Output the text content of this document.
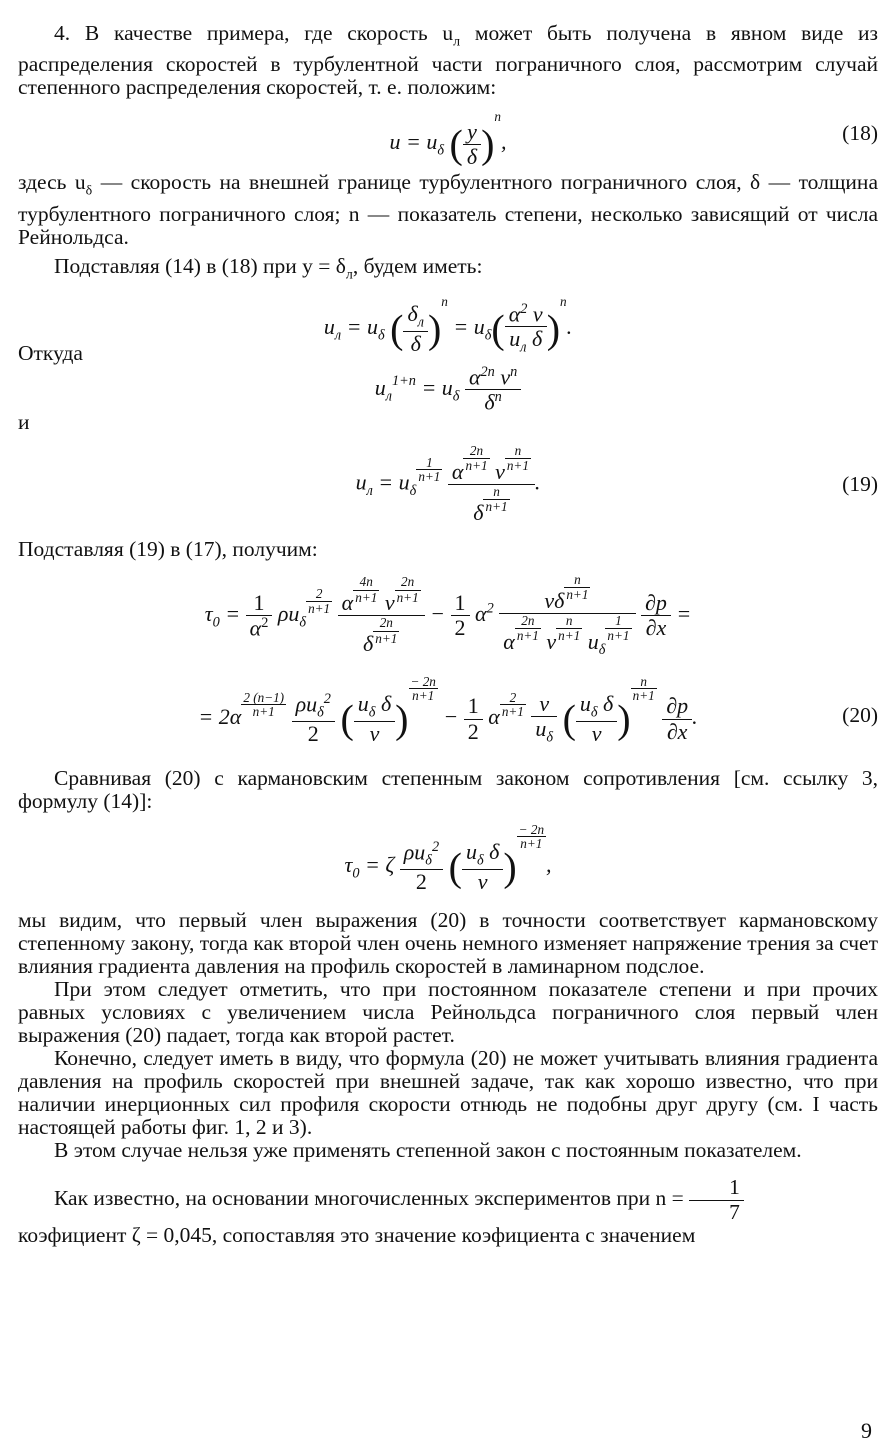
4. В качестве примера, где скорость $u_л$ может быть получена в явном виде из распределения скоростей в турбулентной части пограничного слоя, рассмотрим случай степенного распределения скоростей, т. е. положим:

$u = u_\delta$ ( $\frac{y}{\delta} )^n$,	(18)

здесь $u_\delta$ — скорость на внешней границе турбулентного пограничного слоя, δ — толщина турбулентного пограничного слоя; n — показатель степени, несколько зависящий от числа Рейнольдса.

Подставляя (14) в (18) при $y = \delta_л$, будем иметь:

$u_л = u_\delta$ ( $\frac{\delta_л}{\delta} )^n = u_\delta( \frac{\alpha^2 \nu}{u_л \delta} )^n$.

Откуда

$u_л^{1+n} = u_\delta \frac{\alpha^{2n} \nu^n}{\delta^n}$

и

$u_л = u_\delta$
$\frac{1}{n+1}$
$\frac{\alpha \frac{2n}{n+1} \nu \frac{n}{n+1}}{\delta \frac{n}{n+1}}$ .	(19)

Подставляя (19) в (17), получим:

$\tau_0 = \frac{1}{\alpha^2} \rho u_\delta$
$\frac{2}{n+1}$
$\frac{\alpha \frac{4n}{n+1} \nu \frac{2n}{n+1}}{\delta \frac{2n}{n+1}} - \frac{1}{2} \alpha^2$ νδ $\frac{n}{n+1}$
α $\frac{2n}{n+1}$ ν $\frac{n}{n+1} u_\delta$
$\frac{1}{n+1}$
$\frac{\partial p}{\partial x}$ =
= $2\alpha \frac{2 (n-1)}{n+1}$
$\frac{\rho u_\delta^2}{2}$ ( $\frac{u_\delta \delta}{\nu}$ )
$\frac{- 2n}{n+1}$
− $\frac{1}{2}$ α $\frac{2}{n+1}$
$\frac{\nu}{u_\delta}$ ( $\frac{u_\delta \delta}{\nu}$ )
$\frac{n}{n+1}$

$\frac{\partial p}{\partial x}$ .	(20)

Сравнивая (20) с кармановским степенным законом сопротивления [см. ссылку 3, формулу (14)]:

$\tau_0 = \zeta \frac{\rho u_\delta^2}{2}$ ( $\frac{u_\delta \delta}{\nu}$ )
$\frac{- 2n}{n+1}$
,

мы видим, что первый член выражения (20) в точности соответствует кармановскому степенному закону, тогда как второй член очень немного изменяет напряжение трения за счет влияния градиента давления на профиль скоростей в ламинарном подслое.

При этом следует отметить, что при постоянном показателе степени и при прочих равных условиях с увеличением числа Рейнольдса пограничного слоя первый член выражения (20) падает, тогда как второй растет.

Конечно, следует иметь в виду, что формула (20) не может учитывать влияния градиента давления на профиль скоростей при внешней задаче, так как хорошо известно, что при наличии инерционных сил профиля скорости отнюдь не подобны друг другу (см. I часть настоящей работы фиг. 1, 2 и 3).

В этом случае нельзя уже применять степенной закон с постоянным показателем.

Как известно, на основании многочисленных экспериментов при $n = \frac{1}{7}$

коэфициент ζ = 0,045, сопоставляя это значение коэфициента с значением

9
